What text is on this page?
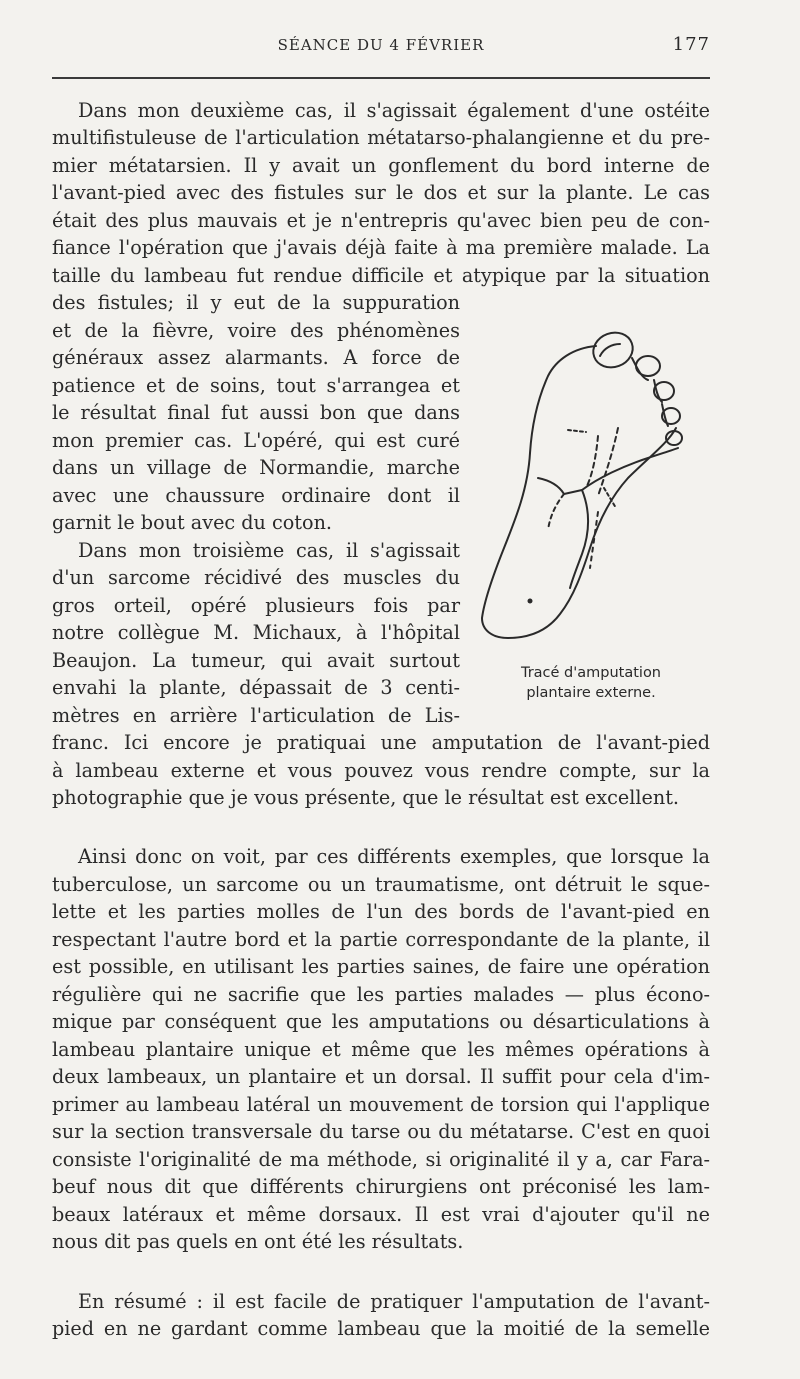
SÉANCE DU 4 FÉVRIER	177
Dans mon deuxième cas, il s'agissait également d'une ostéite
multifistuleuse de l'articulation métatarso-phalangienne et du pre-
mier métatarsien. Il y avait un gonflement du bord interne de
l'avant-pied avec des fistules sur le dos et sur la plante. Le cas
était des plus mauvais et je n'entrepris qu'avec bien peu de con-
fiance l'opération que j'avais déjà faite à ma première malade. La
taille du lambeau fut rendue difficile et atypique par la situation
des fistules; il y eut de la suppuration
et de la fièvre, voire des phénomènes
généraux assez alarmants. A force de
patience et de soins, tout s'arrangea et
le résultat final fut aussi bon que dans
mon premier cas. L'opéré, qui est curé
dans un village de Normandie, marche
avec une chaussure ordinaire dont il
garnit le bout avec du coton.
Dans mon troisième cas, il s'agissait
d'un sarcome récidivé des muscles du
gros orteil, opéré plusieurs fois par
notre collègue M. Michaux, à l'hôpital
Beaujon. La tumeur, qui avait surtout
envahi la plante, dépassait de 3 centi-
mètres en arrière l'articulation de Lis-
franc. Ici encore je pratiquai une amputation de l'avant-pied
à lambeau externe et vous pouvez vous rendre compte, sur la
photographie que je vous présente, que le résultat est excellent.
Ainsi donc on voit, par ces différents exemples, que lorsque la
tuberculose, un sarcome ou un traumatisme, ont détruit le sque-
lette et les parties molles de l'un des bords de l'avant-pied en
respectant l'autre bord et la partie correspondante de la plante, il
est possible, en utilisant les parties saines, de faire une opération
régulière qui ne sacrifie que les parties malades — plus écono-
mique par conséquent que les amputations ou désarticulations à
lambeau plantaire unique et même que les mêmes opérations à
deux lambeaux, un plantaire et un dorsal. Il suffit pour cela d'im-
primer au lambeau latéral un mouvement de torsion qui l'applique
sur la section transversale du tarse ou du métatarse. C'est en quoi
consiste l'originalité de ma méthode, si originalité il y a, car Fara-
beuf nous dit que différents chirurgiens ont préconisé les lam-
beaux latéraux et même dorsaux. Il est vrai d'ajouter qu'il ne
nous dit pas quels en ont été les résultats.
En résumé : il est facile de pratiquer l'amputation de l'avant-
pied en ne gardant comme lambeau que la moitié de la semelle
Tracé d'amputation
plantaire externe.
